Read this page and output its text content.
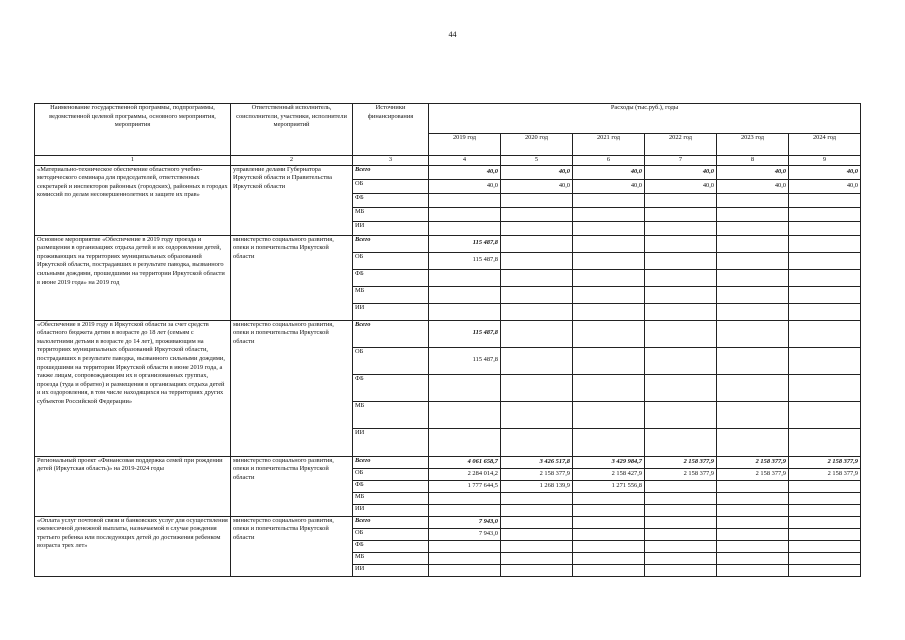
44
Наименование государственной программы, подпрограммы, ведомственной целевой программы, основного мероприятия, мероприятия	Ответственный исполнитель, соисполнители, участники, исполнители мероприятий	Источники финансирования	Расходы (тыс.руб.), годы					
			2019 год	2020 год	2021 год	2022 год	2023 год	2024 год
1	2	3	4	5	6	7	8	9
«Материально-техническое обеспечение областного учебно-методического семинара для председателей, ответственных секретарей и инспекторов районных (городских), районных в городах комиссий по делам несовершеннолетних и защите их прав»	управление делами Губернатора Иркутской области и Правительства Иркутской области	Всего	40,0	40,0	40,0	40,0	40,0	40,0
		ОБ	40,0	40,0	40,0	40,0	40,0	40,0
		ФБ						
		МБ						
		ИИ						
Основное мероприятие «Обеспечение в 2019 году проезда и размещения в организациях отдыха детей и их оздоровления детей, проживающих на территориях муниципальных образований Иркутской области, пострадавших в результате паводка, вызванного сильными дождями, прошедшими на территории Иркутской области в июне 2019 года» на 2019 год	министерство социального развития, опеки и попечительства Иркутской области	Всего	115 487,8					
		ОБ	115 487,8					
		ФБ						
		МБ						
		ИИ						
«Обеспечение в 2019 году в Иркутской области за счет средств областного бюджета детям в возрасте до 18 лет (семьям с малолетними детьми в возрасте до 14 лет), проживающим на территориях муниципальных образований Иркутской области, пострадавших в результате паводка, вызванного сильными дождями, прошедшими на территории Иркутской области в июне 2019 года, а также лицам, сопровождающим их в организованных группах, проезда (туда и обратно) и размещения в организациях отдыха детей и их оздоровления, в том числе находящихся на территориях других субъектов Российской Федерации»	министерство социального развития, опеки и попечительства Иркутской области	Всего	115 487,8					
		ОБ	115 487,8					
		ФБ						
		МБ						
		ИИ						
Региональный проект «Финансовая поддержка семей при рождении детей (Иркутская область)» на 2019-2024 годы	министерство социального развития, опеки и попечительства Иркутской области	Всего	4 061 658,7	3 426 517,8	3 429 984,7	2 158 377,9	2 158 377,9	2 158 377,9
		ОБ	2 284 014,2	2 158 377,9	2 158 427,9	2 158 377,9	2 158 377,9	2 158 377,9
		ФБ	1 777 644,5	1 268 139,9	1 271 556,8			
		МБ						
		ИИ						
«Оплата услуг почтовой связи и банковских услуг для осуществления ежемесячной денежной выплаты, назначаемой в случае рождения третьего ребенка или последующих детей до достижения ребенком возраста трех лет»	министерство социального развития, опеки и попечительства Иркутской области	Всего	7 943,0					
		ОБ	7 943,0					
		ФБ						
		МБ						
		ИИ						
